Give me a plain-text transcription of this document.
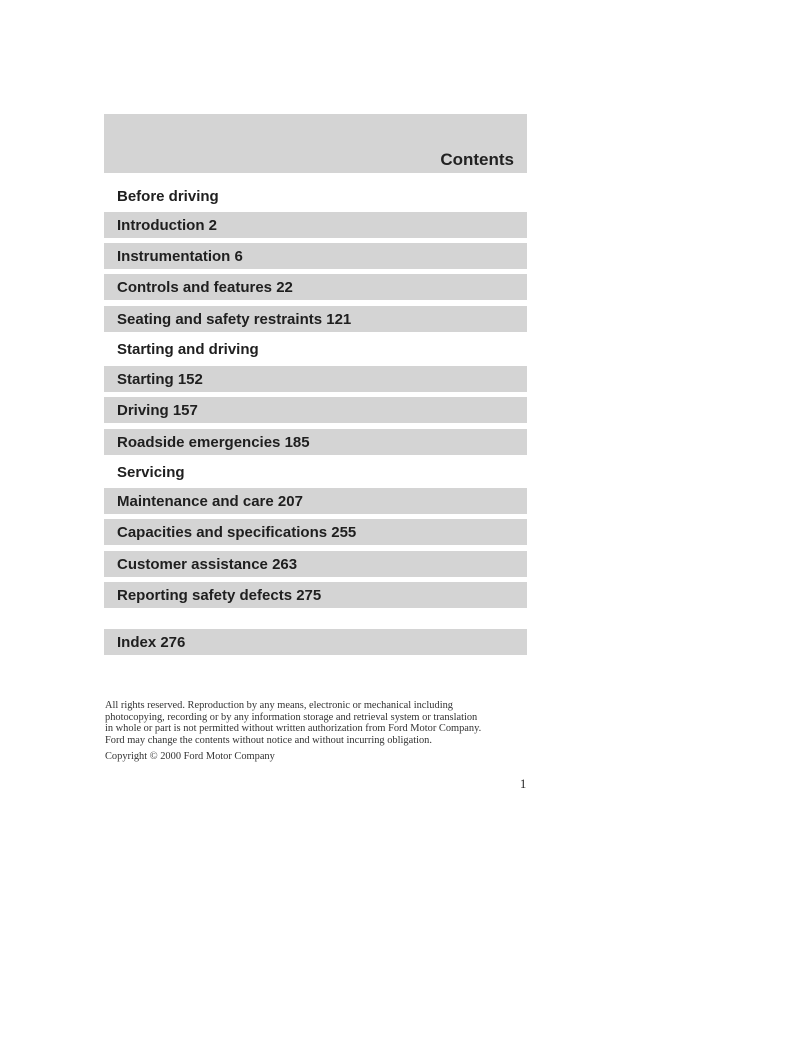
Contents
Before driving
Introduction 2
Instrumentation 6
Controls and features 22
Seating and safety restraints 121
Starting and driving
Starting 152
Driving 157
Roadside emergencies 185
Servicing
Maintenance and care 207
Capacities and specifications 255
Customer assistance 263
Reporting safety defects 275
Index 276
All rights reserved. Reproduction by any means, electronic or mechanical including
photocopying, recording or by any information storage and retrieval system or translation
in whole or part is not permitted without written authorization from Ford Motor Company.
Ford may change the contents without notice and without incurring obligation.
Copyright © 2000 Ford Motor Company
1
